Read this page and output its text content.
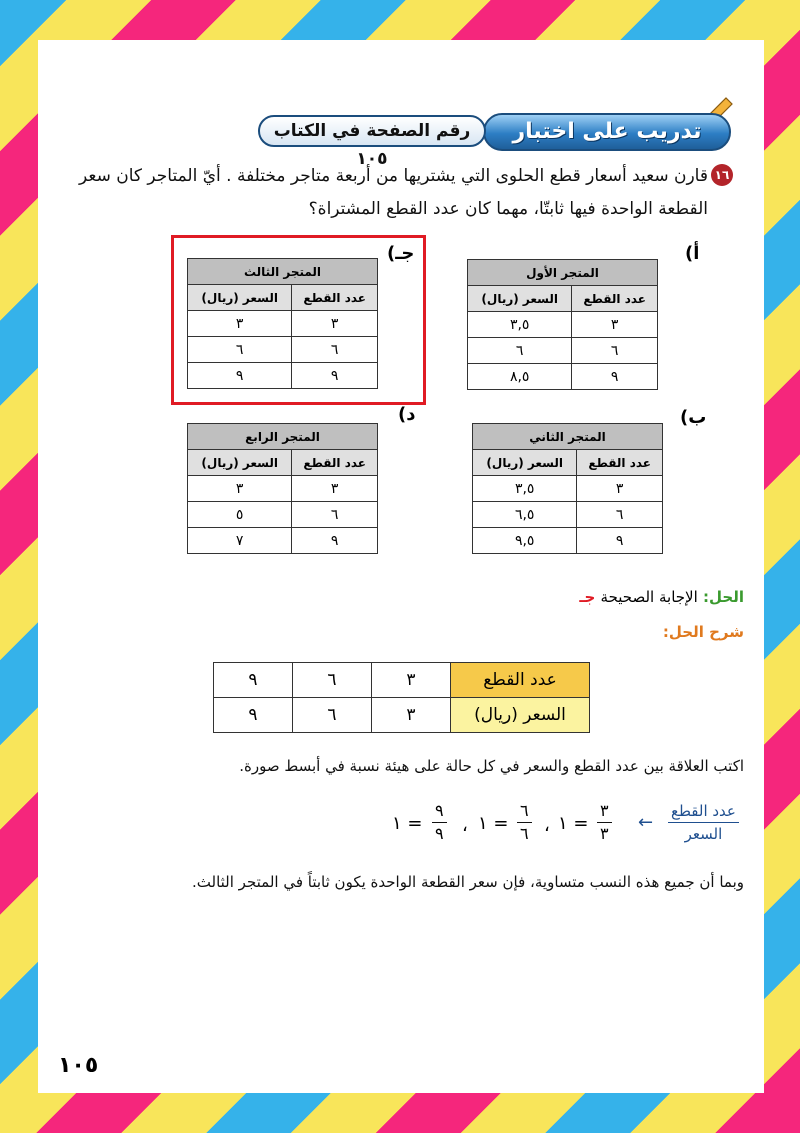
تدريب على اختبار
رقم الصفحة في الكتاب ١٠٥
١٦
قارن سعيد أسعار قطع الحلوى التي يشتريها من أربعة متاجر مختلفة . أيّ المتاجر كان سعر القطعة الواحدة فيها ثابتّا، مهما كان عدد القطع المشتراة؟
أ)
المتجر الأول	
عدد القطع	السعر (ريال)
٣	٣,٥
٦	٦
٩	٨,٥
جـ)
المتجر الثالث	
عدد القطع	السعر (ريال)
٣	٣
٦	٦
٩	٩
ب)
المتجر الثاني	
عدد القطع	السعر (ريال)
٣	٣,٥
٦	٦,٥
٩	٩,٥
د)
المتجر الرابع	
عدد القطع	السعر (ريال)
٣	٣
٦	٥
٩	٧
الحل: الإجابة الصحيحة جـ
شرح الحل:
عدد القطع	٣	٦	٩
السعر (ريال)	٣	٦	٩
اكتب العلاقة بين عدد القطع والسعر في كل حالة على هيئة نسبة في أبسط صورة.
عدد القطع
السعر
←
٣
٣
= ١
،
٦
٦
= ١
،
٩
٩
= ١
وبما أن جميع هذه النسب متساوية، فإن سعر القطعة الواحدة يكون ثابتاً في المتجر الثالث.
١٠٥
